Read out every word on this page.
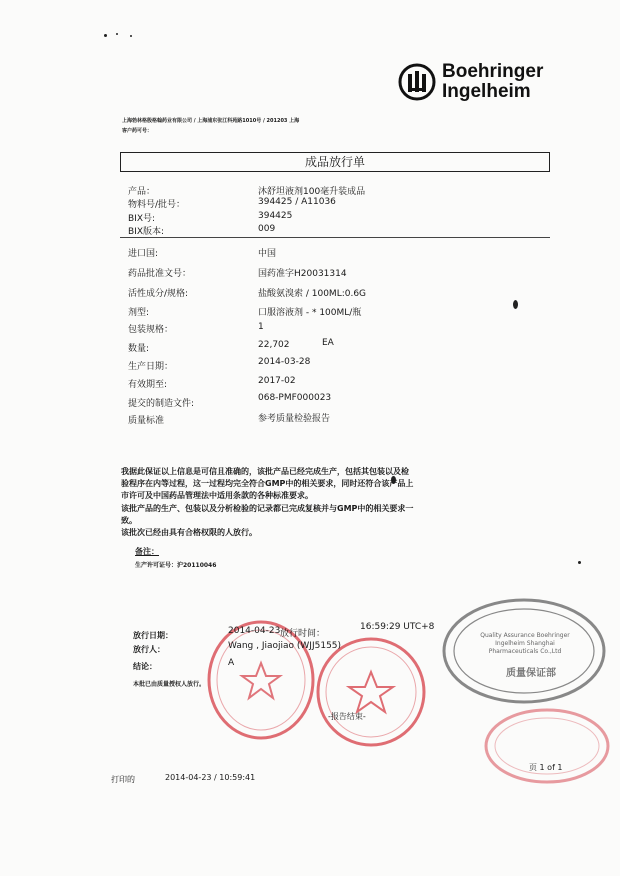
Boehringer
Ingelheim
上海勃林格殷格翰药业有限公司 / 上海浦东张江科苑路1010号 / 201203 上海
客户药可号：
成品放行单
产品：	沐舒坦液剂100毫升装成品
物料号/批号：	394425 / A11036
BIX号:	394425
BIX版本:	009
进口国:	中国
药品批准文号：	国药准字H20031314
活性成分/规格:	盐酸氨溴索 / 100ML:0.6G
剂型:	口服溶液剂 - * 100ML/瓶
包装规格：	1
数量:	22,702	EA
生产日期：	2014-03-28
有效期至:	2017-02
提交的制造文件:
068-PMF000023
质量标准	参考质量检验报告
我据此保证以上信息是可信且准确的，该批产品已经完成生产，包括其包装以及检
验程序在内等过程，这一过程均完全符合GMP中的相关要求，同时还符合该产品上
市许可及中国药品管理法中适用条款的各种标准要求。
该批产品的生产、包装以及分析检验的记录都已完成复核并与GMP中的相关要求一
致。
该批次已经由具有合格权限的人放行。
备注：
生产许可证号：沪20110046
Quality Assurance Boehringer Ingelheim Shanghai Pharmaceuticals Co.,Ltd
质量保证部
放行日期：	2014-04-23 放行时间：
16:59:29 UTC+8
放行人：	Wang , Jiaojiao (WJJ5155)
结论：	A
本批已由质量授权人放行。
-报告结束-
页 1 of 1
打印的	2014-04-23 / 10:59:41
